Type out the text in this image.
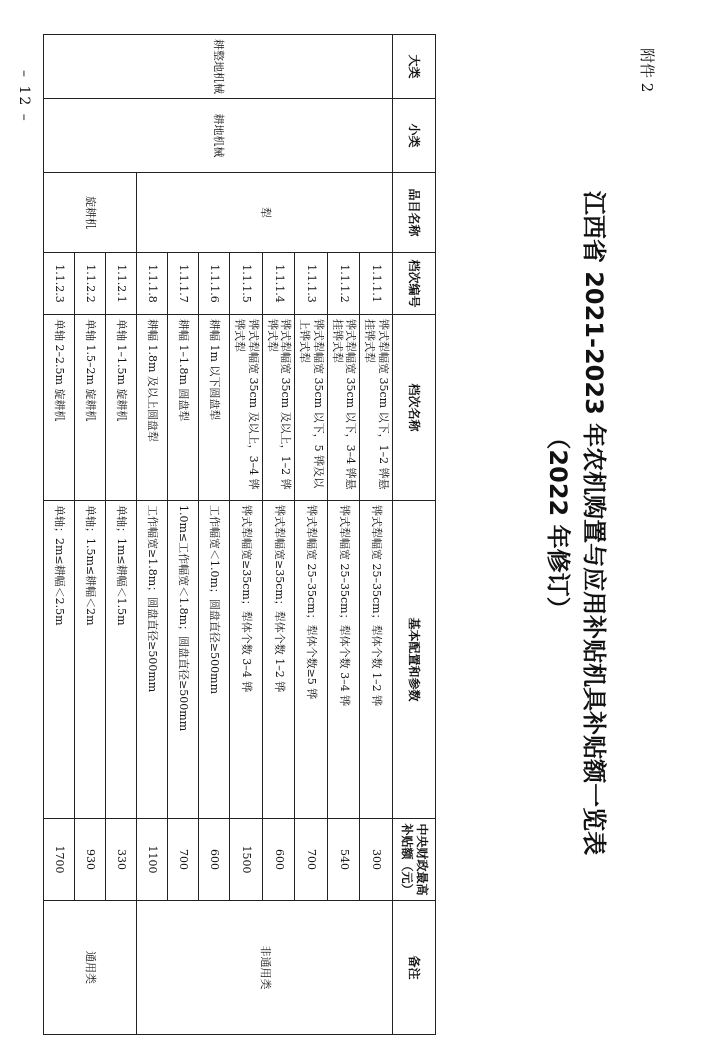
附件 2
江西省 2021-2023 年农机购置与应用补贴机具补贴额一览表
（2022 年修订）
大类	小类	品目名称	档次编号	档次名称	基本配置和参数	中央财政最高补贴额（元）	备注
耕整地机械	耕地机械	犁	1.1.1.1	铧式犁幅宽 35cm 以下，1–2 铧悬挂铧式犁	铧式犁幅宽 25–35cm；犁体个数 1–2 铧	300	非通用类
			1.1.1.2	铧式犁幅宽 35cm 以下，3–4 铧悬挂铧式犁	铧式犁幅宽 25–35cm；犁体个数 3–4 铧	540	
			1.1.1.3	铧式犁幅宽 35cm 以下，5 铧及以上铧式犁	铧式犁幅宽 25–35cm；犁体个数≥5 铧	700	
			1.1.1.4	铧式犁幅宽 35cm 及以上，1–2 铧铧式犁	铧式犁幅宽≥35cm；犁体个数 1–2 铧	600	
			1.1.1.5	铧式犁幅宽 35cm 及以上，3–4 铧铧式犁	铧式犁幅宽≥35cm；犁体个数 3–4 铧	1500	
			1.1.1.6	耕幅 1m 以下圆盘犁	工作幅宽＜1.0m；圆盘直径≥500mm	600	
			1.1.1.7	耕幅 1–1.8m 圆盘犁	1.0m≤工作幅宽＜1.8m；圆盘直径≥500mm	700	
			1.1.1.8	耕幅 1.8m 及以上圆盘犁	工作幅宽≥1.8m；圆盘直径≥500mm	1100	
		旋耕机	1.1.2.1	单轴 1–1.5m 旋耕机	单轴；1m≤耕幅＜1.5m	330	通用类
			1.1.2.2	单轴 1.5–2m 旋耕机	单轴；1.5m≤耕幅＜2m	930	
			1.1.2.3	单轴 2–2.5m 旋耕机	单轴；2m≤耕幅＜2.5m	1700	
– 12 –
